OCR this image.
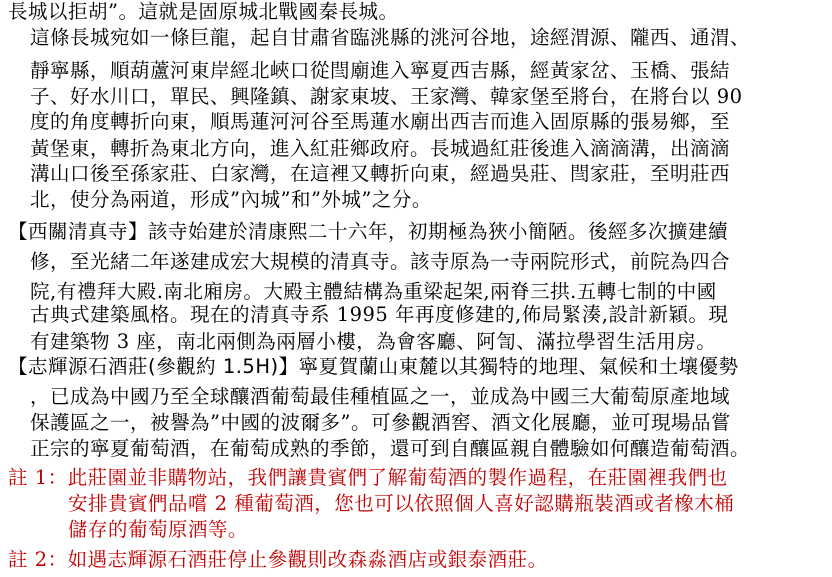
長城以拒胡”。這就是固原城北戰國秦長城。
這條長城宛如一條巨龍，起自甘肅省臨洮縣的洮河谷地，途經渭源、隴西、通渭、
靜寧縣，順葫蘆河東岸經北峽口從閆廟進入寧夏西吉縣，經黃家岔、玉橋、張結
子、好水川口，單民、興隆鎮、謝家東坡、王家灣、韓家堡至將台，在將台以 90
度的角度轉折向東，順馬蓮河河谷至馬蓮水廟出西吉而進入固原縣的張易鄉，至
黃堡東，轉折為東北方向，進入紅莊鄉政府。長城過紅莊後進入滴滴溝，出滴滴
溝山口後至孫家莊、白家灣，在這裡又轉折向東，經過吳莊、閆家莊，至明莊西
北，使分為兩道，形成”內城”和”外城”之分。
【西關清真寺】該寺始建於清康熙二十六年，初期極為狹小簡陋。後經多次擴建續
修，至光緒二年遂建成宏大規模的清真寺。該寺原為一寺兩院形式，前院為四合
院,有禮拜大殿.南北廂房。大殿主體結構為重梁起架,兩脊三拱.五轉七制的中國
古典式建築風格。現在的清真寺系 1995 年再度修建的,佈局緊湊,設計新穎。現
有建築物 3 座，南北兩側為兩層小樓，為會客廳、阿訇、滿拉學習生活用房。
【志輝源石酒莊(參觀約 1.5H)】寧夏賀蘭山東麓以其獨特的地理、氣候和土壤優勢
，已成為中國乃至全球釀酒葡萄最佳種植區之一，並成為中國三大葡萄原產地域
保護區之一，被譽為”中國的波爾多”。可參觀酒窖、酒文化展廳，並可現場品嘗
正宗的寧夏葡萄酒，在葡萄成熟的季節，還可到自釀區親自體驗如何釀造葡萄酒。
註 1：此莊園並非購物站，我們讓貴賓們了解葡萄酒的製作過程，在莊園裡我們也
安排貴賓們品嚐 2 種葡萄酒，您也可以依照個人喜好認購瓶裝酒或者橡木桶
儲存的葡萄原酒等。
註 2：如遇志輝源石酒莊停止參觀則改森淼酒店或銀泰酒莊。
